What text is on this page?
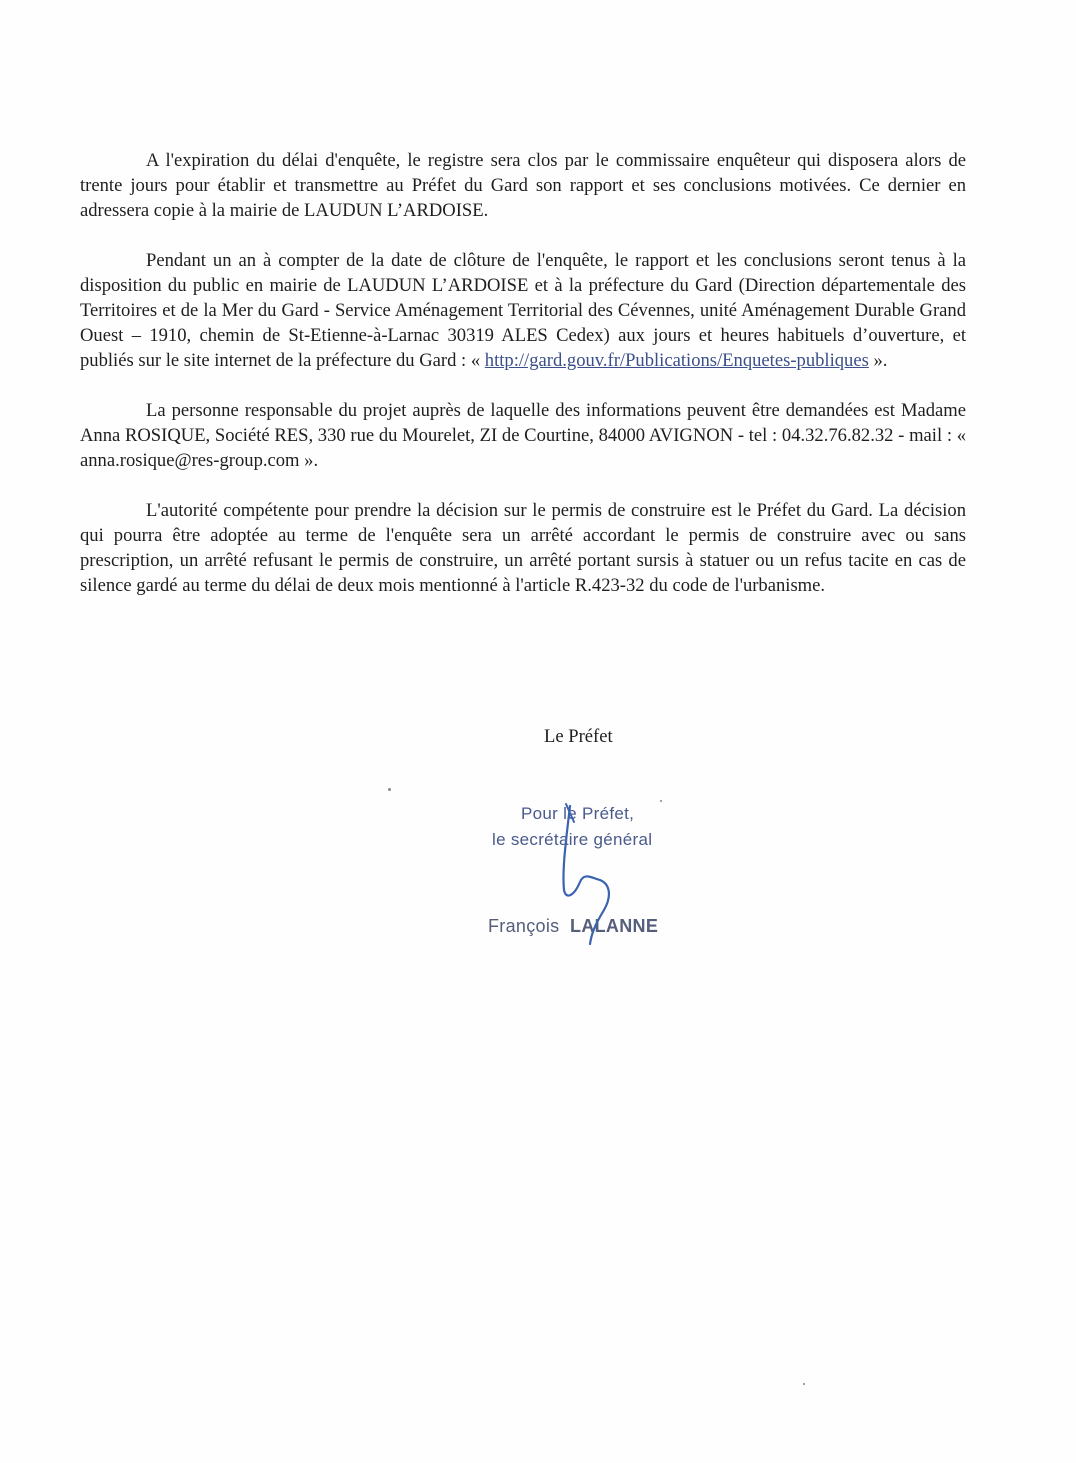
A l'expiration du délai d'enquête, le registre sera clos par le commissaire enquêteur qui disposera alors de trente jours pour établir et transmettre au Préfet du Gard son rapport et ses conclusions motivées. Ce dernier en adressera copie à la mairie de LAUDUN L’ARDOISE.

Pendant un an à compter de la date de clôture de l'enquête, le rapport et les conclusions seront tenus à la disposition du public en mairie de LAUDUN L’ARDOISE et à la préfecture du Gard (Direction départementale des Territoires et de la Mer du Gard - Service Aménagement Territorial des Cévennes, unité Aménagement Durable Grand Ouest – 1910, chemin de St-Etienne-à-Larnac 30319 ALES Cedex) aux jours et heures habituels d’ouverture, et publiés sur le site internet de la préfecture du Gard : « http://gard.gouv.fr/Publications/Enquetes-publiques ».

La personne responsable du projet auprès de laquelle des informations peuvent être demandées est Madame Anna ROSIQUE, Société RES, 330 rue du Mourelet, ZI de Courtine, 84000 AVIGNON - tel : 04.32.76.82.32 - mail : « anna.rosique@res-group.com ».

L'autorité compétente pour prendre la décision sur le permis de construire est le Préfet du Gard. La décision qui pourra être adoptée au terme de l'enquête sera un arrêté accordant le permis de construire avec ou sans prescription, un arrêté refusant le permis de construire, un arrêté portant sursis à statuer ou un refus tacite en cas de silence gardé au terme du délai de deux mois mentionné à l'article R.423-32 du code de l'urbanisme.

Le Préfet
Pour le Préfet,
le secrétaire général
François LALANNE
